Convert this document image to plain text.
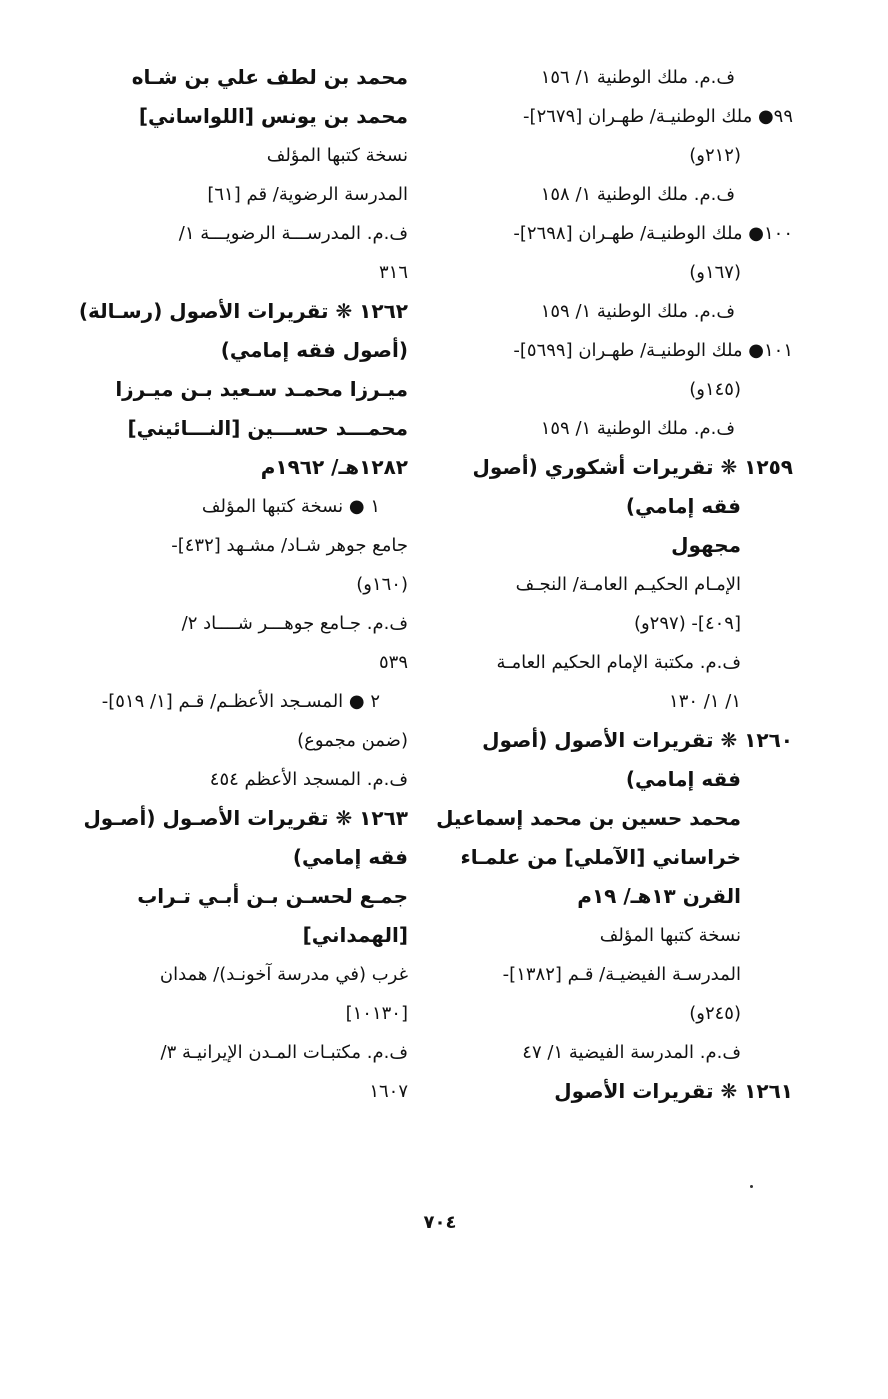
ف.م. ملك الوطنية ١/ ١٥٦
٩٩● ملك الوطنيـة/ طهـران [٢٦٧٩]-
(٢١٢و)
ف.م. ملك الوطنية ١/ ١٥٨
١٠٠● ملك الوطنيـة/ طهـران [٢٦٩٨]-
(١٦٧و)
ف.م. ملك الوطنية ١/ ١٥٩
١٠١● ملك الوطنيـة/ طهـران [٥٦٩٩]-
(١٤٥و)
ف.م. ملك الوطنية ١/ ١٥٩
١٢٥٩ ❋ تقريرات أشكوري (أصول
فقه إمامي)
مجهول
الإمـام الحكيـم العامـة/ النجـف
[٤٠٩]- (٢٩٧و)
ف.م. مكتبة الإمام الحكيم العامـة
١/ ١/ ١٣٠
١٢٦٠ ❋ تقريرات الأصول (أصول
فقه إمامي)
محمد حسين بن محمد إسماعيل
خراساني [الآملي] من علمـاء
القرن ١٣هـ/ ١٩م
نسخة كتبها المؤلف
المدرسـة الفيضيـة/ قـم [١٣٨٢]-
(٢٤٥و)
ف.م. المدرسة الفيضية ١/ ٤٧
١٢٦١ ❋ تقريرات الأصول
محمد بن لطف علي بن شـاه
محمد بن يونس [اللواساني]
نسخة كتبها المؤلف
المدرسة الرضوية/ قم [٦١]
ف.م. المدرســـة الرضويـــة ١/
٣١٦
١٢٦٢ ❋ تقريرات الأصول (رسـالة)
(أصول فقه إمامي)
ميـرزا محمـد سـعيد بـن ميـرزا
محمـــد حســـين [النـــائيني]
١٢٨٢هـ/ ١٩٦٢م
١ ● نسخة كتبها المؤلف
جامع جوهر شـاد/ مشـهد [٤٣٢]-
(١٦٠و)
ف.م. جـامع جوهـــر شــــاد ٢/
٥٣٩
٢ ● المسـجد الأعظـم/ قـم [١/ ٥١٩]-
(ضمن مجموع)
ف.م. المسجد الأعظم ٤٥٤
١٢٦٣ ❋ تقريرات الأصـول (أصـول
فقه إمامي)
جمـع لحسـن بـن أبـي تـراب
[الهمداني]
غرب (في مدرسة آخونـد)/ همدان
[١٠١٣٠]
ف.م. مكتبـات المـدن الإيرانيـة ٣/
١٦٠٧
٧٠٤
